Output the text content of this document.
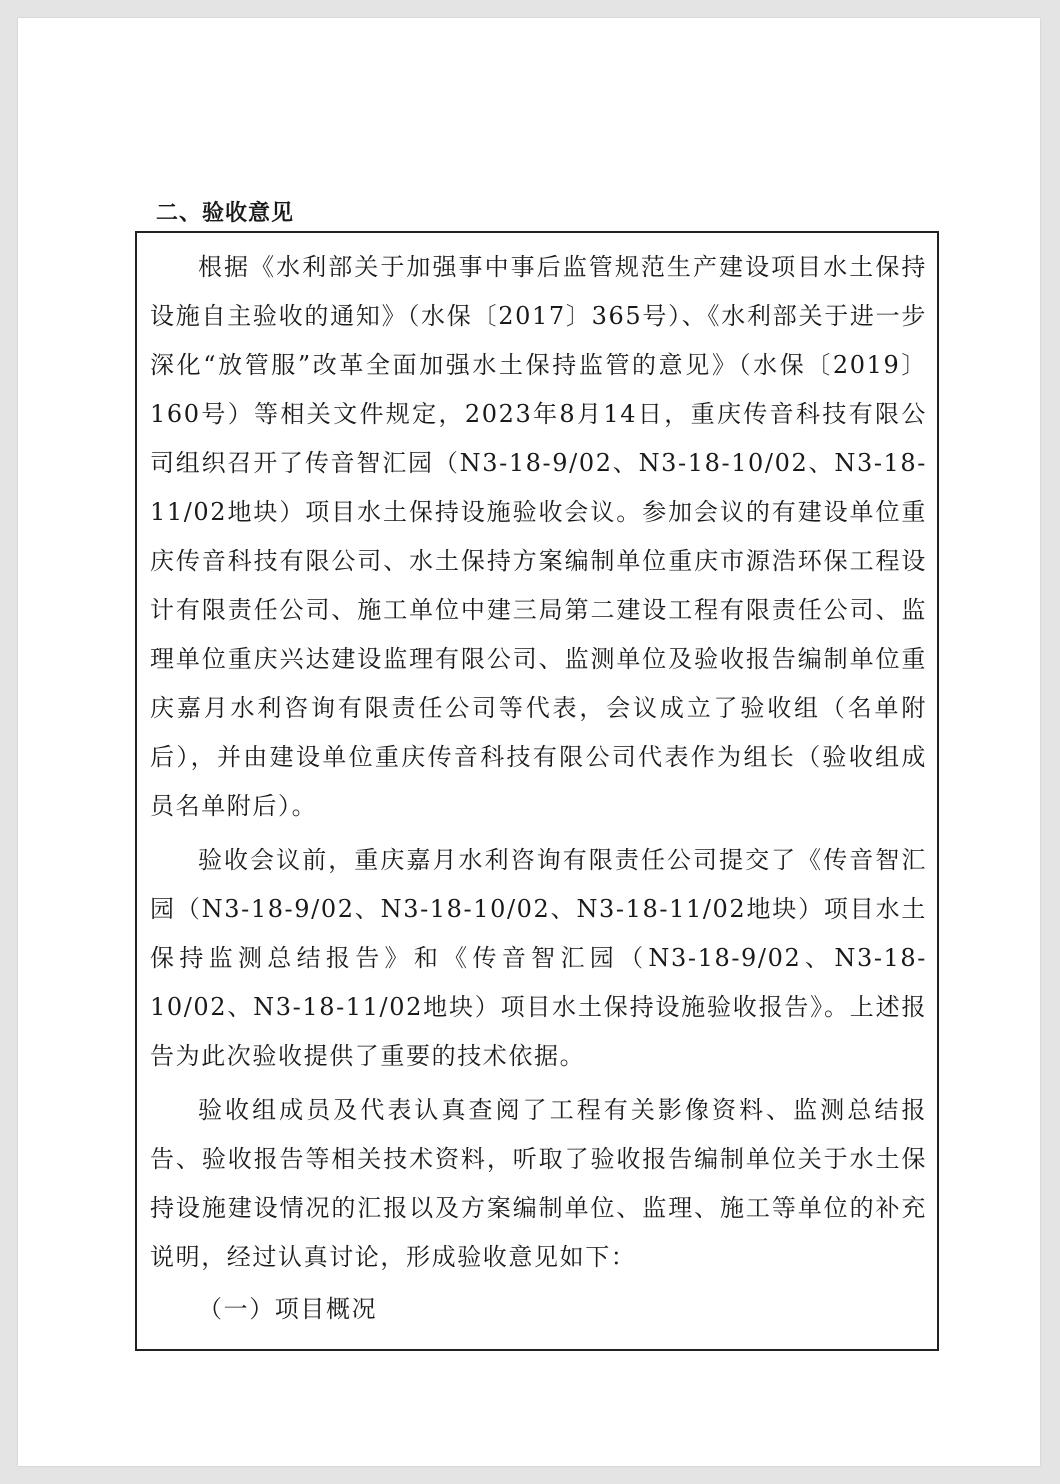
二、验收意见

根据《水利部关于加强事中事后监管规范生产建设项目水土保持设施自主验收的通知》（水保〔2017〕365号）、《水利部关于进一步深化“放管服”改革全面加强水土保持监管的意见》（水保〔2019〕160号）等相关文件规定，2023年8月14日，重庆传音科技有限公司组织召开了传音智汇园（N3-18-9/02、N3-18-10/02、N3-18-11/02地块）项目水土保持设施验收会议。参加会议的有建设单位重庆传音科技有限公司、水土保持方案编制单位重庆市源浩环保工程设计有限责任公司、施工单位中建三局第二建设工程有限责任公司、监理单位重庆兴达建设监理有限公司、监测单位及验收报告编制单位重庆嘉月水利咨询有限责任公司等代表，会议成立了验收组（名单附后），并由建设单位重庆传音科技有限公司代表作为组长（验收组成员名单附后）。

验收会议前，重庆嘉月水利咨询有限责任公司提交了《传音智汇园（N3-18-9/02、N3-18-10/02、N3-18-11/02地块）项目水土保持监测总结报告》和《传音智汇园（N3-18-9/02、N3-18-10/02、N3-18-11/02地块）项目水土保持设施验收报告》。上述报告为此次验收提供了重要的技术依据。

验收组成员及代表认真查阅了工程有关影像资料、监测总结报告、验收报告等相关技术资料，听取了验收报告编制单位关于水土保持设施建设情况的汇报以及方案编制单位、监理、施工等单位的补充说明，经过认真讨论，形成验收意见如下：

（一）项目概况
